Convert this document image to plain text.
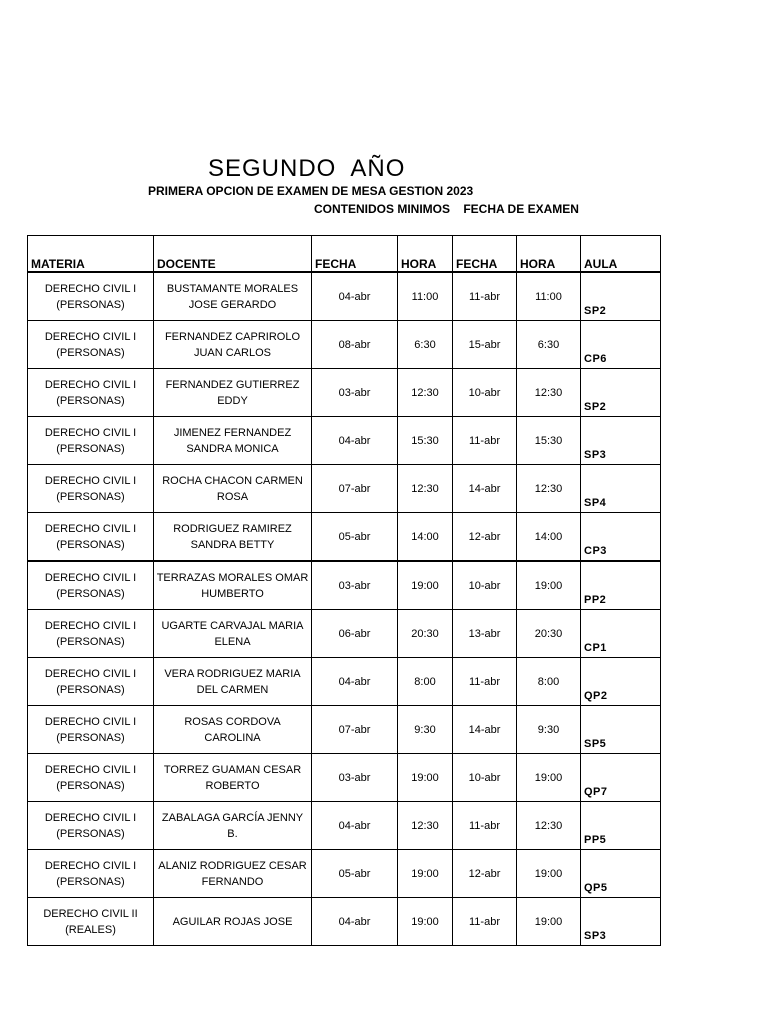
SEGUNDO  AÑO
PRIMERA OPCION DE EXAMEN DE MESA GESTION 2023
CONTENIDOS MINIMOS    FECHA DE EXAMEN
MATERIA	DOCENTE	FECHA	HORA	FECHA	HORA	AULA
DERECHO CIVIL I (PERSONAS)	BUSTAMANTE MORALES JOSE GERARDO	04-abr	11:00	11-abr	11:00	SP2
DERECHO CIVIL I (PERSONAS)	FERNANDEZ CAPRIROLO JUAN CARLOS	08-abr	6:30	15-abr	6:30	CP6
DERECHO CIVIL I (PERSONAS)	FERNANDEZ GUTIERREZ EDDY	03-abr	12:30	10-abr	12:30	SP2
DERECHO CIVIL I (PERSONAS)	JIMENEZ FERNANDEZ SANDRA MONICA	04-abr	15:30	11-abr	15:30	SP3
DERECHO CIVIL I (PERSONAS)	ROCHA CHACON CARMEN ROSA	07-abr	12:30	14-abr	12:30	SP4
DERECHO CIVIL I (PERSONAS)	RODRIGUEZ RAMIREZ SANDRA BETTY	05-abr	14:00	12-abr	14:00	CP3
DERECHO CIVIL I (PERSONAS)	TERRAZAS MORALES OMAR HUMBERTO	03-abr	19:00	10-abr	19:00	PP2
DERECHO CIVIL I (PERSONAS)	UGARTE CARVAJAL MARIA ELENA	06-abr	20:30	13-abr	20:30	CP1
DERECHO CIVIL I (PERSONAS)	VERA RODRIGUEZ MARIA DEL CARMEN	04-abr	8:00	11-abr	8:00	QP2
DERECHO CIVIL I (PERSONAS)	ROSAS CORDOVA CAROLINA	07-abr	9:30	14-abr	9:30	SP5
DERECHO CIVIL I (PERSONAS)	TORREZ GUAMAN CESAR ROBERTO	03-abr	19:00	10-abr	19:00	QP7
DERECHO CIVIL I (PERSONAS)	ZABALAGA GARCÍA JENNY B.	04-abr	12:30	11-abr	12:30	PP5
DERECHO CIVIL I (PERSONAS)	ALANIZ RODRIGUEZ CESAR FERNANDO	05-abr	19:00	12-abr	19:00	QP5
DERECHO CIVIL II (REALES)	AGUILAR ROJAS JOSE	04-abr	19:00	11-abr	19:00	SP3
